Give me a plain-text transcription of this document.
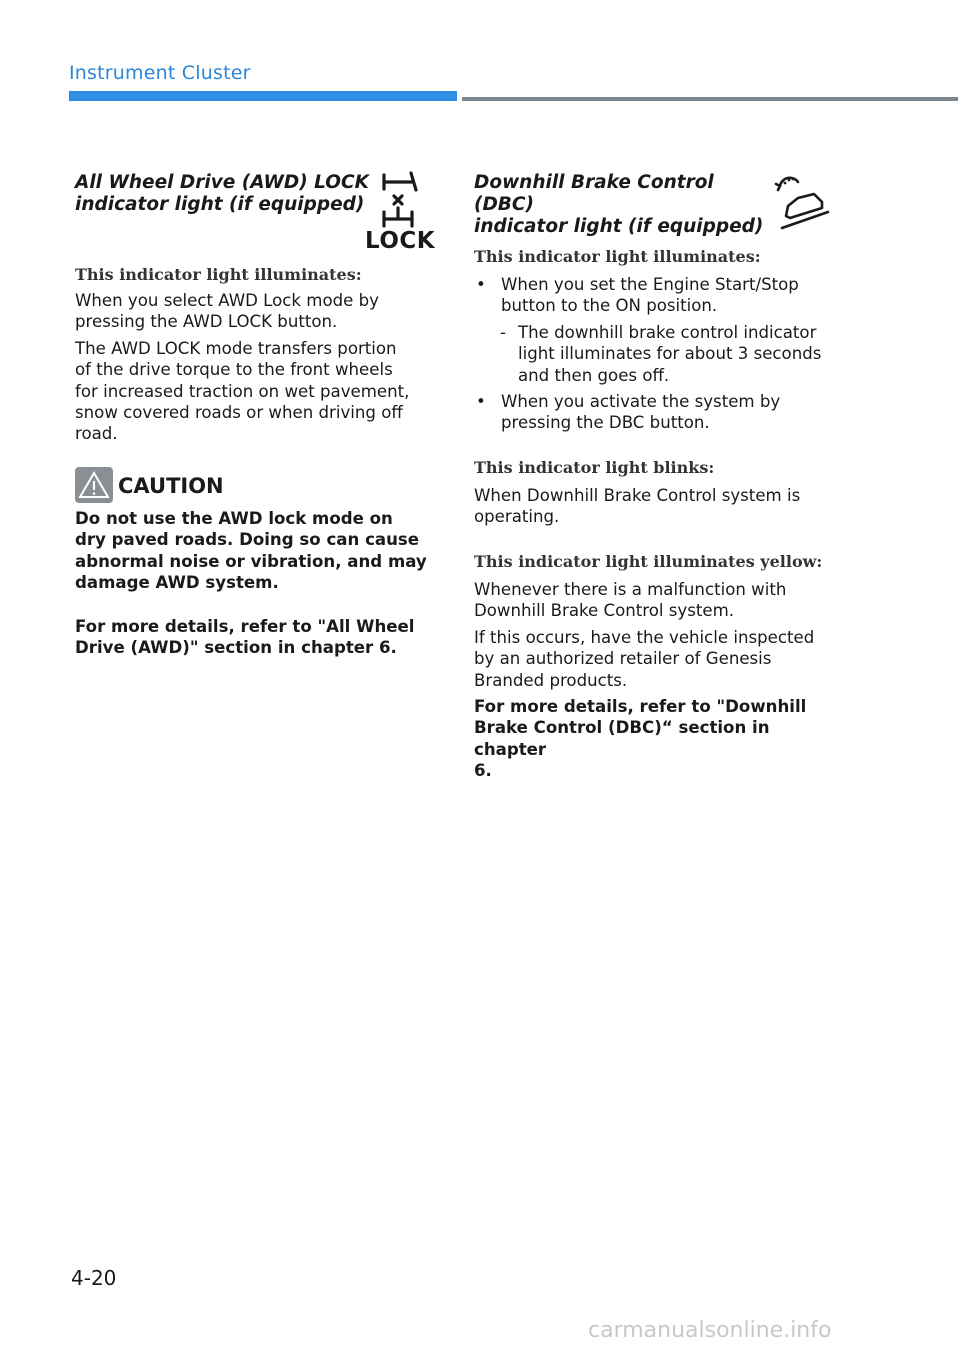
Instrument Cluster
All Wheel Drive (AWD) LOCK
indicator light (if equipped)
LOCK
This indicator light illuminates:
When you select AWD Lock mode by
pressing the AWD LOCK button.
The AWD LOCK mode transfers portion
of the drive torque to the front wheels
for increased traction on wet pavement,
snow covered roads or when driving off
road.
CAUTION
Do not use the AWD lock mode on
dry paved roads. Doing so can cause
abnormal noise or vibration, and may
damage AWD system.
For more details, refer to "All Wheel
Drive (AWD)" section in chapter 6.
Downhill Brake Control (DBC)
indicator light (if equipped)
This indicator light illuminates:
• When you set the Engine Start/Stop
button to the ON position.
- The downhill brake control indicator
light illuminates for about 3 seconds
and then goes off.
• When you activate the system by
pressing the DBC button.
This indicator light blinks:
When Downhill Brake Control system is
operating.
This indicator light illuminates yellow:
Whenever there is a malfunction with
Downhill Brake Control system.
If this occurs, have the vehicle inspected
by an authorized retailer of Genesis
Branded products.
For more details, refer to "Downhill
Brake Control (DBC)“ section in chapter
6.
4-20
carmanualsonline.info
